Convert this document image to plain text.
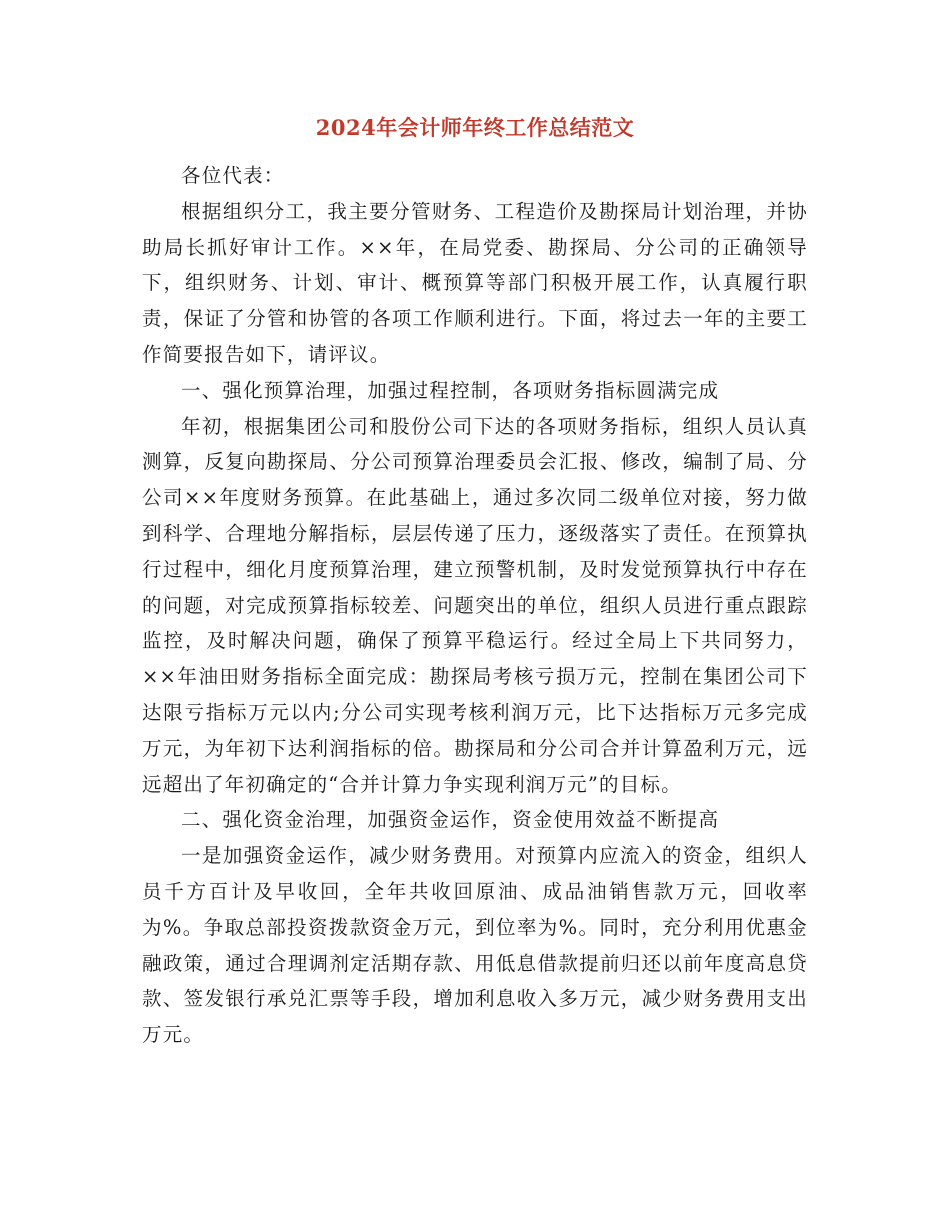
2024年会计师年终工作总结范文

各位代表：

根据组织分工，我主要分管财务、工程造价及勘探局计划治理，并协助局长抓好审计工作。××年，在局党委、勘探局、分公司的正确领导下，组织财务、计划、审计、概预算等部门积极开展工作，认真履行职责，保证了分管和协管的各项工作顺利进行。下面，将过去一年的主要工作简要报告如下，请评议。

一、强化预算治理，加强过程控制，各项财务指标圆满完成

年初，根据集团公司和股份公司下达的各项财务指标，组织人员认真测算，反复向勘探局、分公司预算治理委员会汇报、修改，编制了局、分公司××年度财务预算。在此基础上，通过多次同二级单位对接，努力做到科学、合理地分解指标，层层传递了压力，逐级落实了责任。在预算执行过程中，细化月度预算治理，建立预警机制，及时发觉预算执行中存在的问题，对完成预算指标较差、问题突出的单位，组织人员进行重点跟踪监控，及时解决问题，确保了预算平稳运行。经过全局上下共同努力，××年油田财务指标全面完成：勘探局考核亏损万元，控制在集团公司下达限亏指标万元以内;分公司实现考核利润万元，比下达指标万元多完成万元，为年初下达利润指标的倍。勘探局和分公司合并计算盈利万元，远远超出了年初确定的“合并计算力争实现利润万元”的目标。

二、强化资金治理，加强资金运作，资金使用效益不断提高

一是加强资金运作，减少财务费用。对预算内应流入的资金，组织人员千方百计及早收回，全年共收回原油、成品油销售款万元，回收率为%。争取总部投资拨款资金万元，到位率为%。同时，充分利用优惠金融政策，通过合理调剂定活期存款、用低息借款提前归还以前年度高息贷款、签发银行承兑汇票等手段，增加利息收入多万元，减少财务费用支出万元。
